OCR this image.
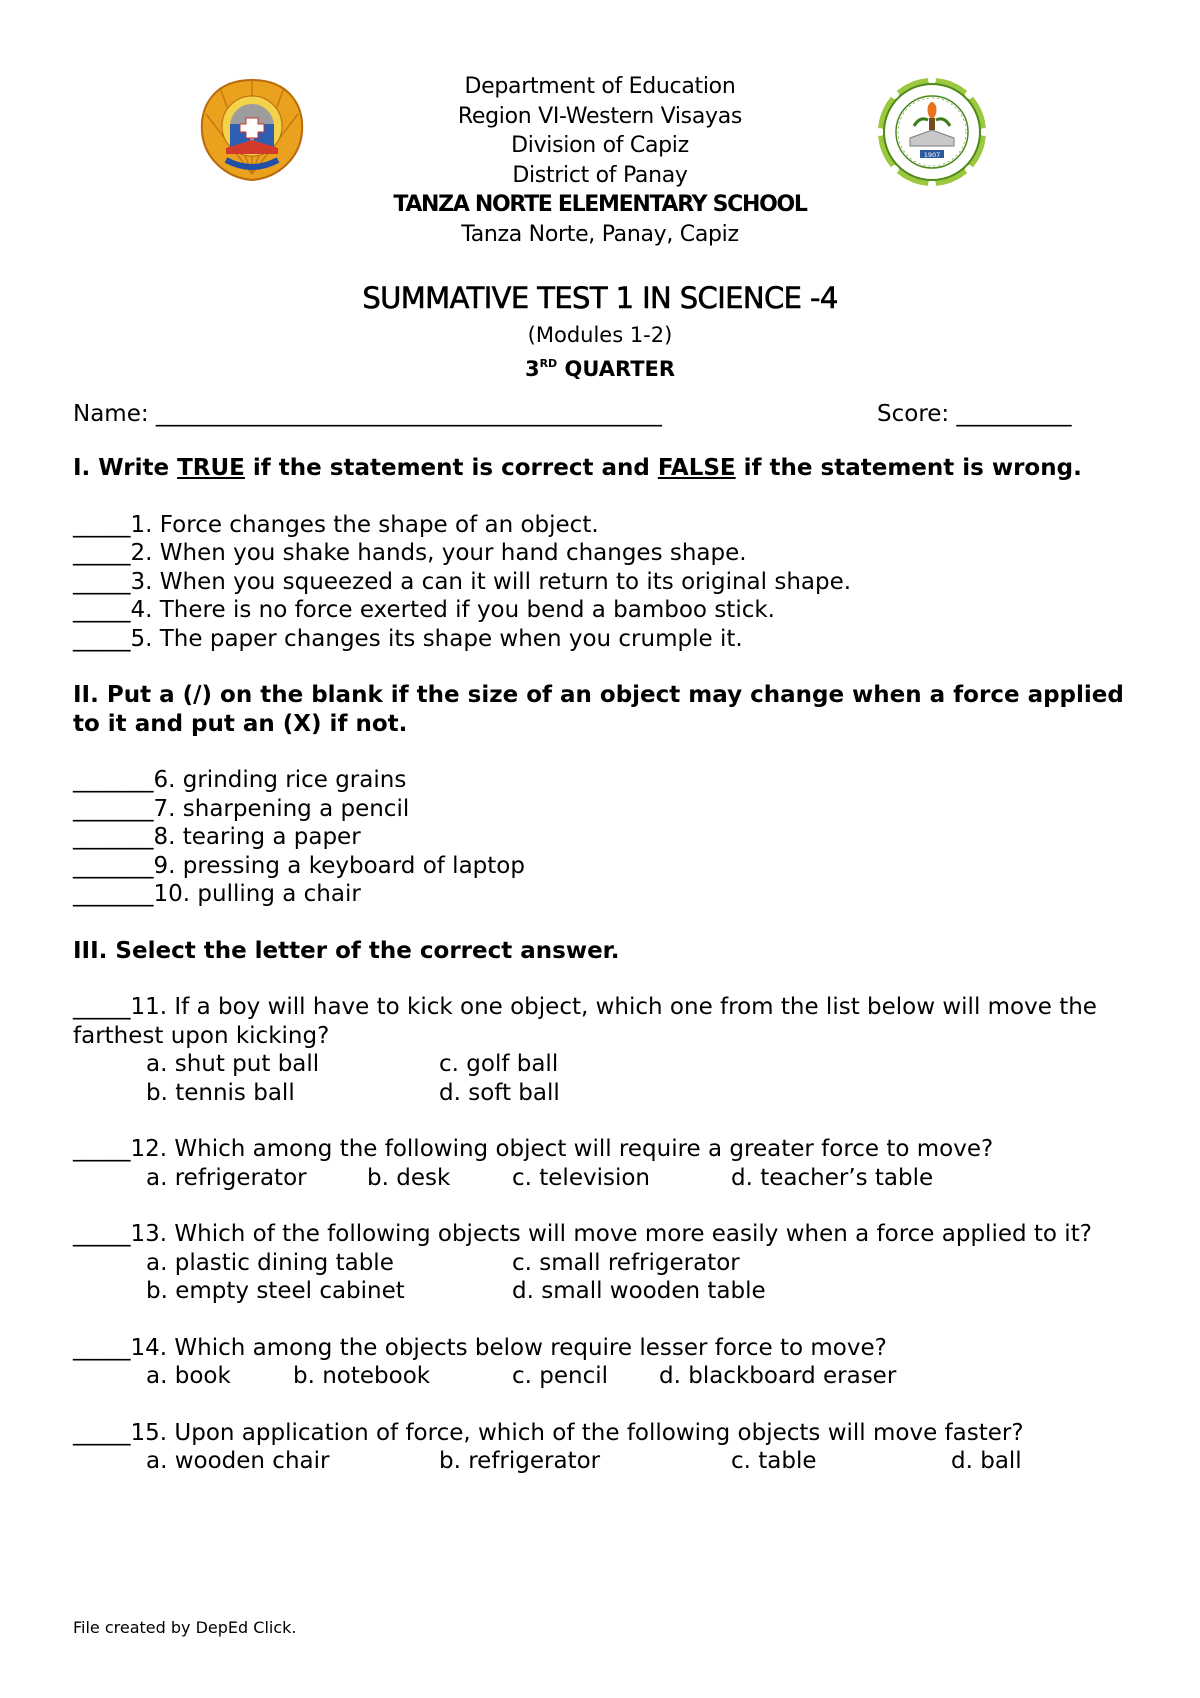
1907
Department of Education
Region VI-Western Visayas
Division of Capiz
District of Panay
TANZA NORTE ELEMENTARY SCHOOL
Tanza Norte, Panay, Capiz
SUMMATIVE TEST 1 IN SCIENCE -4
(Modules 1-2)
3RD QUARTER
Name: ____________________________________________	Score: __________
I. Write TRUE if the statement is correct and FALSE if the statement is wrong.
_____1. Force changes the shape of an object.
_____2. When you shake hands, your hand changes shape.
_____3. When you squeezed a can it will return to its original shape.
_____4. There is no force exerted if you bend a bamboo stick.
_____5. The paper changes its shape when you crumple it.
II. Put a (/) on the blank if the size of an object may change when a force applied to it and put an (X) if not.
_______6. grinding rice grains
_______7. sharpening a pencil
_______8. tearing a paper
_______9. pressing a keyboard of laptop
_______10. pulling a chair
III. Select the letter of the correct answer.
_____11. If a boy will have to kick one object, which one from the list below will move the farthest upon kicking?
a. shut put ball	c. golf ball
b. tennis ball	d. soft ball
_____12. Which among the following object will require a greater force to move?
a. refrigerator	b. desk	c. television	d. teacher’s table
_____13. Which of the following objects will move more easily when a force applied to it?
a. plastic dining table	c. small refrigerator
b. empty steel cabinet	d. small wooden table
_____14. Which among the objects below require lesser force to move?
a. book	b. notebook	c. pencil d. blackboard eraser
_____15. Upon application of force, which of the following objects will move faster?
a. wooden chair	b. refrigerator	c. table	d. ball
File created by DepEd Click.
